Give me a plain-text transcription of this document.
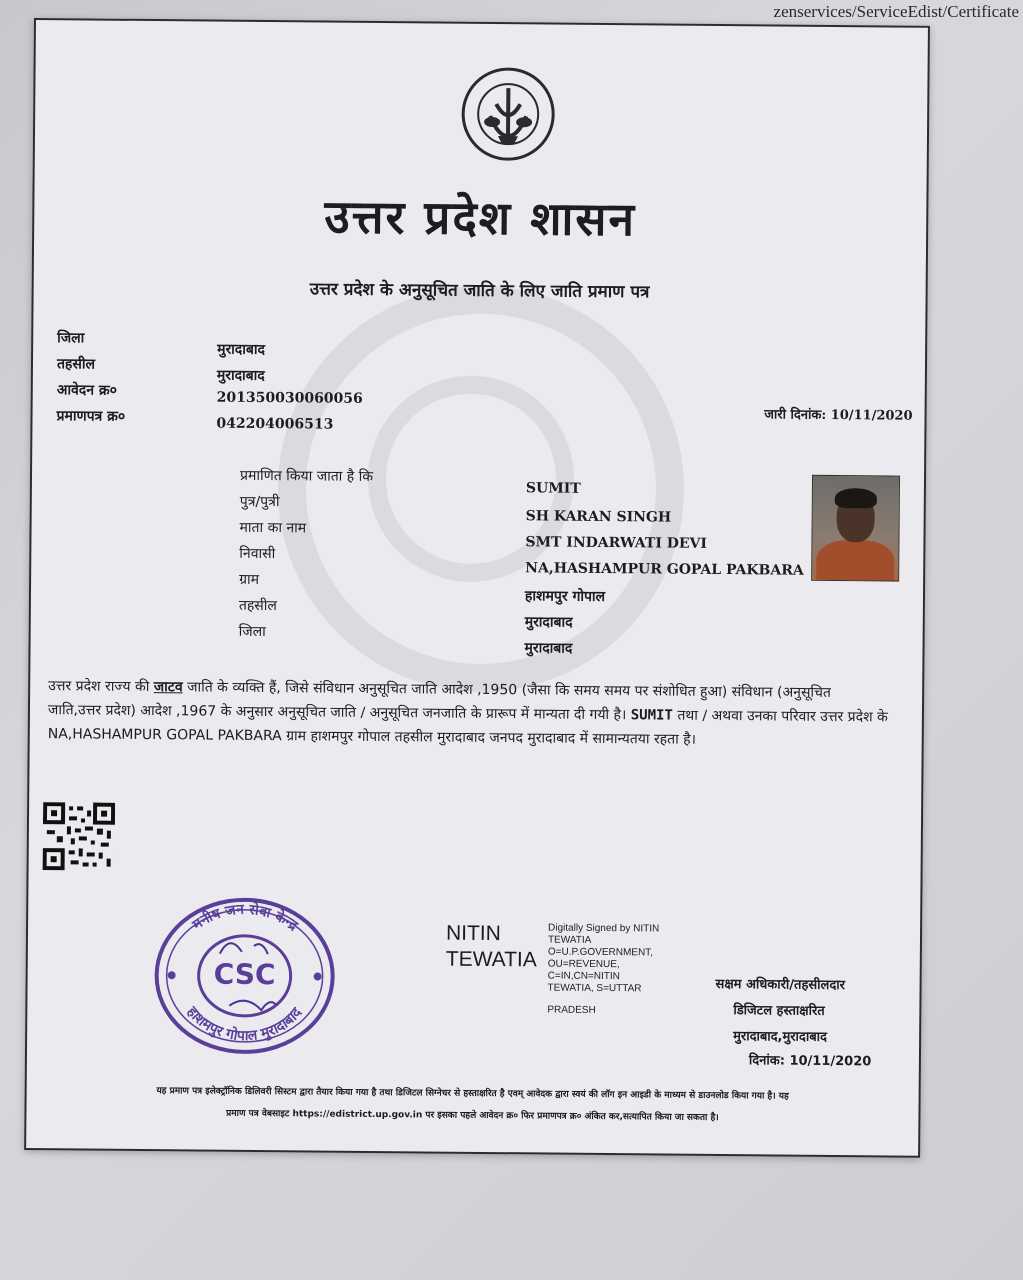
zenservices/ServiceEdist/Certificate
उत्तर प्रदेश शासन
उत्तर प्रदेश के अनुसूचित जाति के लिए जाति प्रमाण पत्र
जिला
मुरादाबाद
तहसील
मुरादाबाद
आवेदन क्र०	201350030060056
प्रमाणपत्र क्र०	042204006513
जारी दिनांक: 10/11/2020
प्रमाणित किया जाता है कि
SUMIT
पुत्र/पुत्री
SH KARAN SINGH
माता का नाम
SMT INDARWATI DEVI
निवासी
NA,HASHAMPUR GOPAL PAKBARA
ग्राम
हाशमपुर गोपाल
तहसील
मुरादाबाद
जिला
मुरादाबाद
उत्तर प्रदेश राज्य की जाटव जाति के व्यक्ति हैं, जिसे संविधान अनुसूचित जाति आदेश ,1950 (जैसा कि समय समय पर संशोधित हुआ) संविधान (अनुसूचित जाति,उत्तर प्रदेश) आदेश ,1967 के अनुसार अनुसूचित जाति / अनुसूचित जनजाति के प्रारूप में मान्यता दी गयी है। SUMIT तथा / अथवा उनका परिवार उत्तर प्रदेश के NA,HASHAMPUR GOPAL PAKBARA ग्राम हाशमपुर गोपाल तहसील मुरादाबाद जनपद मुरादाबाद में सामान्यतया रहता है।
मनीष जन सेवा केन्द्र
हाशमपुर गोपाल मुरादाबाद
CSC
NITIN
TEWATIA
Digitally Signed by NITIN
TEWATIA
O=U.P.GOVERNMENT,
OU=REVENUE,
C=IN,CN=NITIN
TEWATIA, S=UTTAR
PRADESH
सक्षम अधिकारी/तहसीलदार
डिजिटल हस्ताक्षरित
मुरादाबाद,मुरादाबाद
दिनांक: 10/11/2020
यह प्रमाण पत्र इलेक्ट्रॉनिक डिलिवरी सिस्टम द्वारा तैयार किया गया है तथा डिजिटल सिग्नेचर से हस्ताक्षरित है एवम् आवेदक द्वारा स्वयं की लॉग इन आइडी के माध्यम से डाउनलोड किया गया है। यह
प्रमाण पत्र वेबसाइट https://edistrict.up.gov.in पर इसका पहले आवेदन क्र० फिर प्रमाणपत्र क्र० अंकित कर,सत्यापित किया जा सकता है।
